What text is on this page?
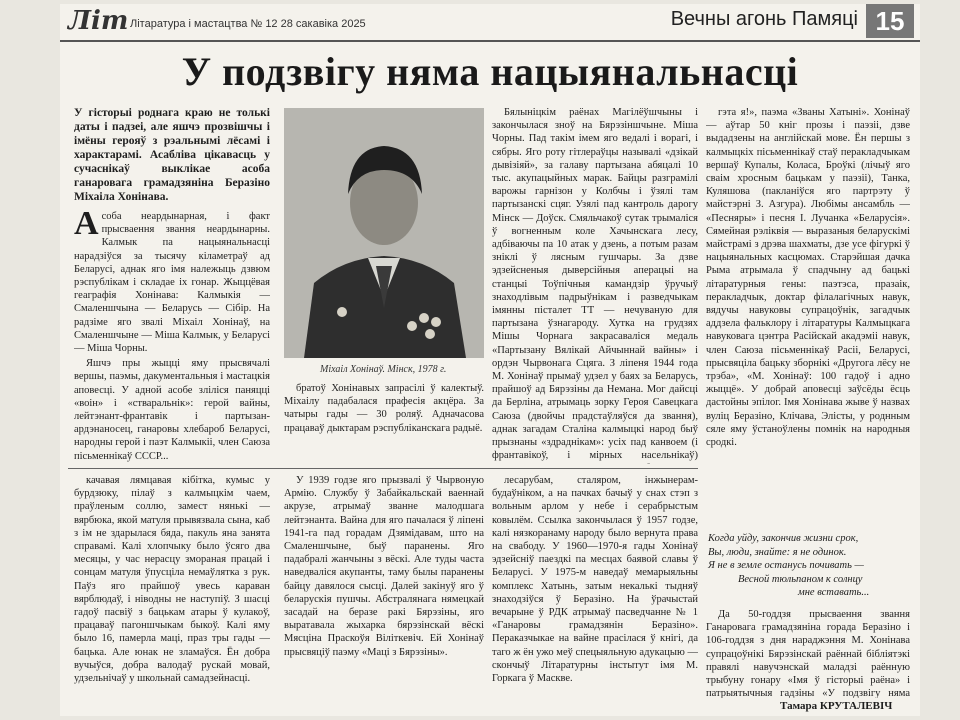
Ліm Літаратура і мастацтва № 12 28 сакавіка 2025	Вечны агонь Памяці 15
У подзвігу няма нацыянальнасці
У гісторыі роднага краю не толькі даты і падзеі, але яшчэ прозвішчы і імёны герояў з рэальнымі лёсамі і характарамі. Асабліва цікавасць у сучаснікаў выклікае асоба ганаровага грамадзяніна Беразіно Міхаіла Хонінава.

Асоба неардынарная, і факт прысваення звання неардынарны. Калмык па нацыянальнасці нарадзіўся за тысячу кіламетраў ад Беларусі, аднак яго імя належыць дзвюм рэспублікам і складае іх гонар. Жыццёвая геаграфія Хонінава: Калмыкія — Смаленшчына — Беларусь — Сібір. На радзіме яго звалі Міхаіл Хонінаў, на Смаленшчыне — Міша Калмык, у Беларусі — Міша Чорны.

Яшчэ пры жыцці яму прысвячалі вершы, паэмы, дакументальныя і мастацкія аповесці. У адной асобе зліліся паняцці «воін» і «стваральнік»: герой вайны, лейтэнант-франтавік і партызан-ардэнаносец, ганаровы хлебароб Беларусі, народны герой і паэт Калмыкіі, член Саюза пісьменнікаў СССР...

Міхаіл Хонінаў. Мінск, 1978 г.

братоў Хонінавых запрасілі ў калектыў. Міхаілу падабалася прафесія акцёра. За чатыры гады — 30 роляў. Адначасова працаваў дыктарам рэспубліканскага радыё.

Бялыніцкім раёнах Магілёўшчыны і закончылася зноў на Бярэзіншчыне. Міша Чорны. Пад такім імем яго ведалі і ворагі, і сябры. Яго роту гітлераўцы называлі «дзікай дывізіяй», за галаву партызана абяцалі 10 тыс. акупацыйных марак. Байцы разграмілі варожы гарнізон у Колбчы і ўзялі там партызанскі сцяг. Узялі пад кантроль дарогу Мінск — Доўск. Смяльчакоў сутак трымаліся ў вогненным коле Хачынскага лесу, адбіваючы па 10 атак у дзень, а потым разам зніклі ў лясным гушчары. За дзве эдзейсненыя дыверсійныя аперацыі на станцыі Тоўпічныя камандзір ўручыў знаходлівым падрыўнікам і разведчыкам імянны пісталет ТТ — нечуваную для партызана ўзнагароду. Хутка на грудзях Мішы Чорнага закрасаваліся медаль «Партызану Вялікай Айчыннай вайны» і ордэн Чырвонага Сцяга. З ліпеня 1944 года М. Хонінаў прымаў удзел у баях за Беларусь, прайшоў ад Бярэзіны да Немана. Мог дайсці да Берліна, атрымаць зорку Героя Савецкага Саюза (двойчы прадстаўляўся да звання), аднак загадам Сталіна калмыцкі народ быў прызнаны «здраднікам»: усіх пад канвоем (і франтавікоў, і мірных насельнікаў)

гэта я!», паэма «Званы Хатыні». Хонінаў — аўтар 50 кніг прозы і паэзіі, дзве выдадзены на англійскай мове. Ён першы з калмыцкіх пісьменнікаў стаў перакладчыкам вершаў Купалы, Коласа, Броўкі (лічыў яго сваім хросным бацькам у паэзіі), Танка, Куляшова (пакланіўся яго партрэту ў майстэрні З. Азгура). Любімы ансамбль — «Песняры» і песня І. Лучанка «Беларусія». Сямейная рэліквія — выразаныя беларускімі майстрамі з дрэва шахматы, дзе усе фігуркі ў нацыянальных касцюмах. Старэйшая дачка Рыма атрымала ў спадчыну ад бацькі літаратурныя гены: паэтэса, празаік, перакладчык, доктар філалагічных навук, вядучы навуковы супрацоўнік, загадчык аддзела фальклору і літаратуры Калмыцкага навуковага цэнтра Расійскай акадэміі навук, член Саюза пісьменнікаў Расіі, Беларусі, прысвяціла бацьку зборнікі «Другога лёсу не трэба», «М. Хонінаў: 100 гадоў і адно жыццё». У добрай аповесці заўсёды ёсць дастойны эпілог. Імя Хонінава жыве ў назвах вуліц Беразіно, Клічава, Элісты, у роднным сяле яму ўстаноўлены помнік на народныя сродкі.

качавая лямцавая кібітка, кумыс у бурдзюку, пілаў з калмыцкім чаем, праўленым соллю, замест нянькі — вярбюка, якой матуля прывязвала сына, каб з ім не здарылася бяда, пакуль яна занята справамі. Калі хлопчыку было ўсяго два месяцы, у час нерасцу змораная працай і сонцам матуля ўпусціла немаўлятка з рук. Паўз яго прайшоў увесь караван вярблюдаў, і ніводны не наступіў. З шасці гадоў пасвіў з бацькам атары ў кулакоў, працаваў пагоншчыкам быкоў. Калі яму было 16, памерла маці, праз тры гады — бацька. Але юнак не зламаўся. Ён добра вучыўся, добра валодаў рускай мовай, удзельнічаў у школьнай самадзейнасці.

У 1939 годзе яго прызвалі ў Чырвоную Армію. Службу ў Забайкальскай ваеннай акрузе, атрымаў званне малодшага лейтэнанта. Вайна для яго пачалася ў ліпені 1941-га пад горадам Дзямідавам, што на Смаленшчыне, быў паранены. Яго падабралі жанчыны з вёскі. Але туды часта наведваліся акупанты, таму былы паранены байцу давялося сысці. Далей закінуў яго ў беларускія пушчы. Абстралянага нямецкай засадай на беразе ракі Бярэзіны, яго выратавала жыхарка бярэзінскай вёскі Мясціна Праскоўя Віліткевіч. Ей Хонінаў прысвяціў паэму «Маці з Бярэзіны».

лесарубам, сталяром, інжынерам-будаўніком, а на пачках бачыў у снах стэп з вольным арлом у небе і серабрыстым ковылём. Ссылка закончылася ў 1957 годзе, калі нязкоранаму народу было вернута права на свабоду. У 1960—1970-я гады Хонінаў эдзейсніў паездкі па месцах баявой славы ў Беларусі. У 1975-м наведаў мемарыяльны комплекс Хатынь, затым некалькі тыдняў знаходзіўся ў Беразіно. На ўрачыстай вечарыне ў РДК атрымаў пасведчанне № 1 «Ганаровы грамадзянін Беразіно». Пераказчыкае на вайне прасілася ў кнігі, да таго ж ён ужо меў спецыяльную адукацыю — скончыў Літаратурны інстытут імя М. Горкага ў Маскве.

Когда уйду, закончив жизни срок,
Вы, люди, знайте: я не одинок.
Я не в земле останусь почивать —
Весной тюльпаном к солнцу
мне вставать...

Да 50-годдзя прысваення звання Ганаровага грамадзяніна горада Беразіно і 106-годдзя з дня нараджэння М. Хонінава супрацоўнікі Бярэзінскай раённай бібліятэкі правялі навучэнскай маладзі раённую трыбуну гонару «Імя ў гісторыі раёна» і патрыятычныя гадзіны «У подзвігу няма

Тамара КРУТАЛЕВІЧ
